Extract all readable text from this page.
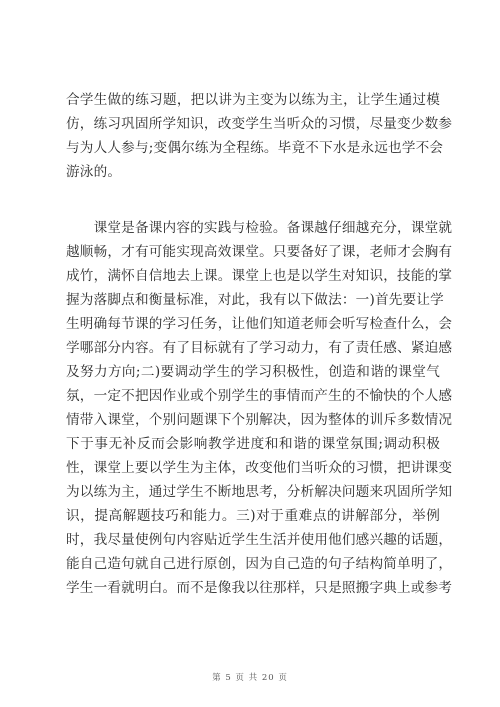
合学生做的练习题，把以讲为主变为以练为主，让学生通过模
仿，练习巩固所学知识，改变学生当听众的习惯，尽量变少数参
与为人人参与;变偶尔练为全程练。毕竟不下水是永远也学不会
游泳的。
　　课堂是备课内容的实践与检验。备课越仔细越充分，课堂就
越顺畅，才有可能实现高效课堂。只要备好了课，老师才会胸有
成竹，满怀自信地去上课。课堂上也是以学生对知识，技能的掌
握为落脚点和衡量标准，对此，我有以下做法：一)首先要让学
生明确每节课的学习任务，让他们知道老师会听写检查什么，会
学哪部分内容。有了目标就有了学习动力，有了责任感、紧迫感
及努力方向;二)要调动学生的学习积极性，创造和谐的课堂气
氛，一定不把因作业或个别学生的事情而产生的不愉快的个人感
情带入课堂，个别问题课下个别解决，因为整体的训斥多数情况
下于事无补反而会影响教学进度和和谐的课堂氛围;调动积极
性，课堂上要以学生为主体，改变他们当听众的习惯，把讲课变
为以练为主，通过学生不断地思考，分析解决问题来巩固所学知
识，提高解题技巧和能力。三)对于重难点的讲解部分，举例
时，我尽量使例句内容贴近学生生活并使用他们感兴趣的话题，
能自己造句就自己进行原创，因为自己造的句子结构简单明了，
学生一看就明白。而不是像我以往那样，只是照搬字典上或参考
第 5 页 共 20 页
